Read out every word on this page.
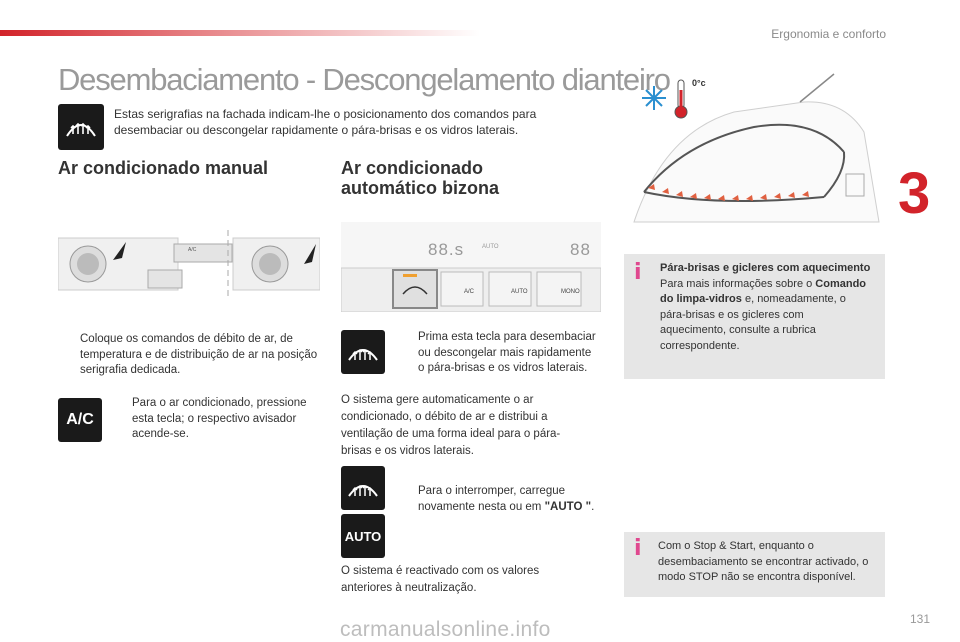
Ergonomia e conforto
3
Desembaciamento - Descongelamento dianteiro
Estas serigrafias na fachada indicam-lhe o posicionamento dos comandos para desembaciar ou descongelar rapidamente o pára-brisas e os vidros laterais.
Ar condicionado manual
A/C
Coloque os comandos de débito de ar, de temperatura e de distribuição de ar na posição serigrafia dedicada.
A/C
Para o ar condicionado, pressione esta tecla; o respectivo avisador acende-se.
Ar condicionado
automático bizona
88.s	AUTO	88
A/C	AUTO	MONO
Prima esta tecla para desembaciar ou descongelar mais rapidamente o pára-brisas e os vidros laterais.
O sistema gere automaticamente o ar condicionado, o débito de ar e distribui a ventilação de uma forma ideal para o pára-brisas e os vidros laterais.
Para o interromper, carregue novamente nesta ou em "AUTO ".
AUTO
O sistema é reactivado com os valores anteriores à neutralização.
0°c
i Pára-brisas e gicleres com aquecimento
Para mais informações sobre o Comando do limpa-vidros e, nomeadamente, o pára-brisas e os gicleres com aquecimento, consulte a rubrica correspondente.
i Com o Stop & Start, enquanto o desembaciamento se encontrar activado, o modo STOP não se encontra disponível.
131
carmanualsonline.info
